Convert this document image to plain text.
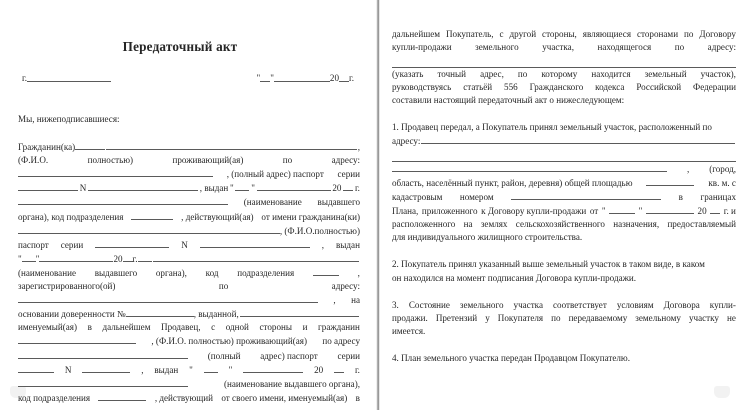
Передаточный акт
г.	" "	20 г.
Мы, нижеподписавшиеся:
Гражданин(ка)	,
(Ф.И.О.	полностью)	проживающий(ая)	по	адресу:
, (полный адрес) паспорт серии
N	, выдан " "	20 г.
(наименование выдавшего
органа), код подразделения	, действующий(ая) от имени гражданина(ки)
, (Ф.И.О. полностью)
паспорт серии	N	, выдан
" "	20 г.
(наименование выдавшего органа), код подразделения	,
зарегистрированного(ой)	по	адресу:
, на
основании доверенности №	, выданной,
именуемый(ая) в дальнейшем Продавец, с одной стороны и гражданин
, (Ф.И.О. полностью) проживающий(ая) по адресу
(полный адрес) паспорт серии
N	, выдан "	"	20	г.
(наименование выдавшего органа),
код подразделения	, действующий от своего имени, именуемый(ая) в
дальнейшем Покупатель, с другой стороны, являющиеся сторонами по Договору
купли-продажи	земельного	участка,	находящегося	по	адресу:
(указать точный адрес, по которому находится земельный участок),
руководствуясь статьёй 556 Гражданского кодекса Российской Федерации
составили настоящий передаточный акт о нижеследующем:
1. Продавец передал, а Покупатель принял земельный участок, расположенный по
адресу:
, (город,
область, населённый пункт, район, деревня) общей площадью	кв. м. с
кадастровым номером	в границах
Плана, приложенного к Договору купли-продажи от "	"	20 г. и
расположенного на землях сельскохозяйственного назначения, предоставляемый
для индивидуального жилищного строительства.
2. Покупатель принял указанный выше земельный участок в таком виде, в каком
он находился на момент подписания Договора купли-продажи.
3. Состояние земельного участка соответствует условиям Договора купли-
продажи. Претензий у Покупателя по передаваемому земельному участку не
имеется.
4. План земельного участка передан Продавцом Покупателю.
